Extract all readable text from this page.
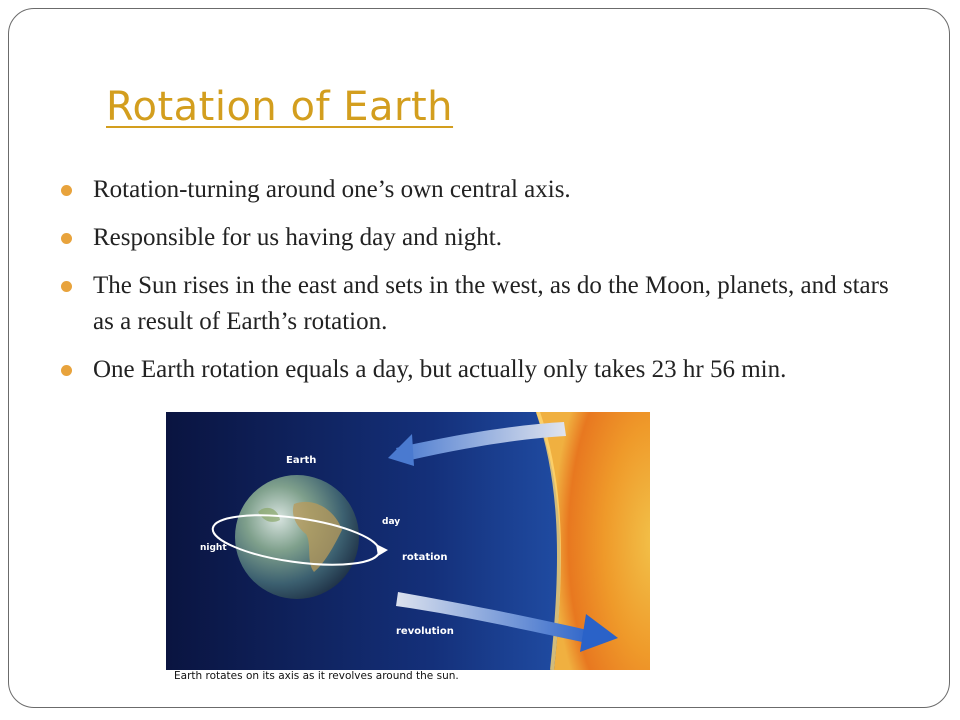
Rotation of Earth
Rotation-turning around one’s own central axis.
Responsible for us having day and night.
The Sun rises in the east and sets in the west, as do the Moon, planets, and stars as a result of Earth’s rotation.
One Earth rotation equals a day, but actually only takes 23 hr 56 min.
Earth
day
night
rotation
revolution
Earth rotates on its axis as it revolves around the sun.
